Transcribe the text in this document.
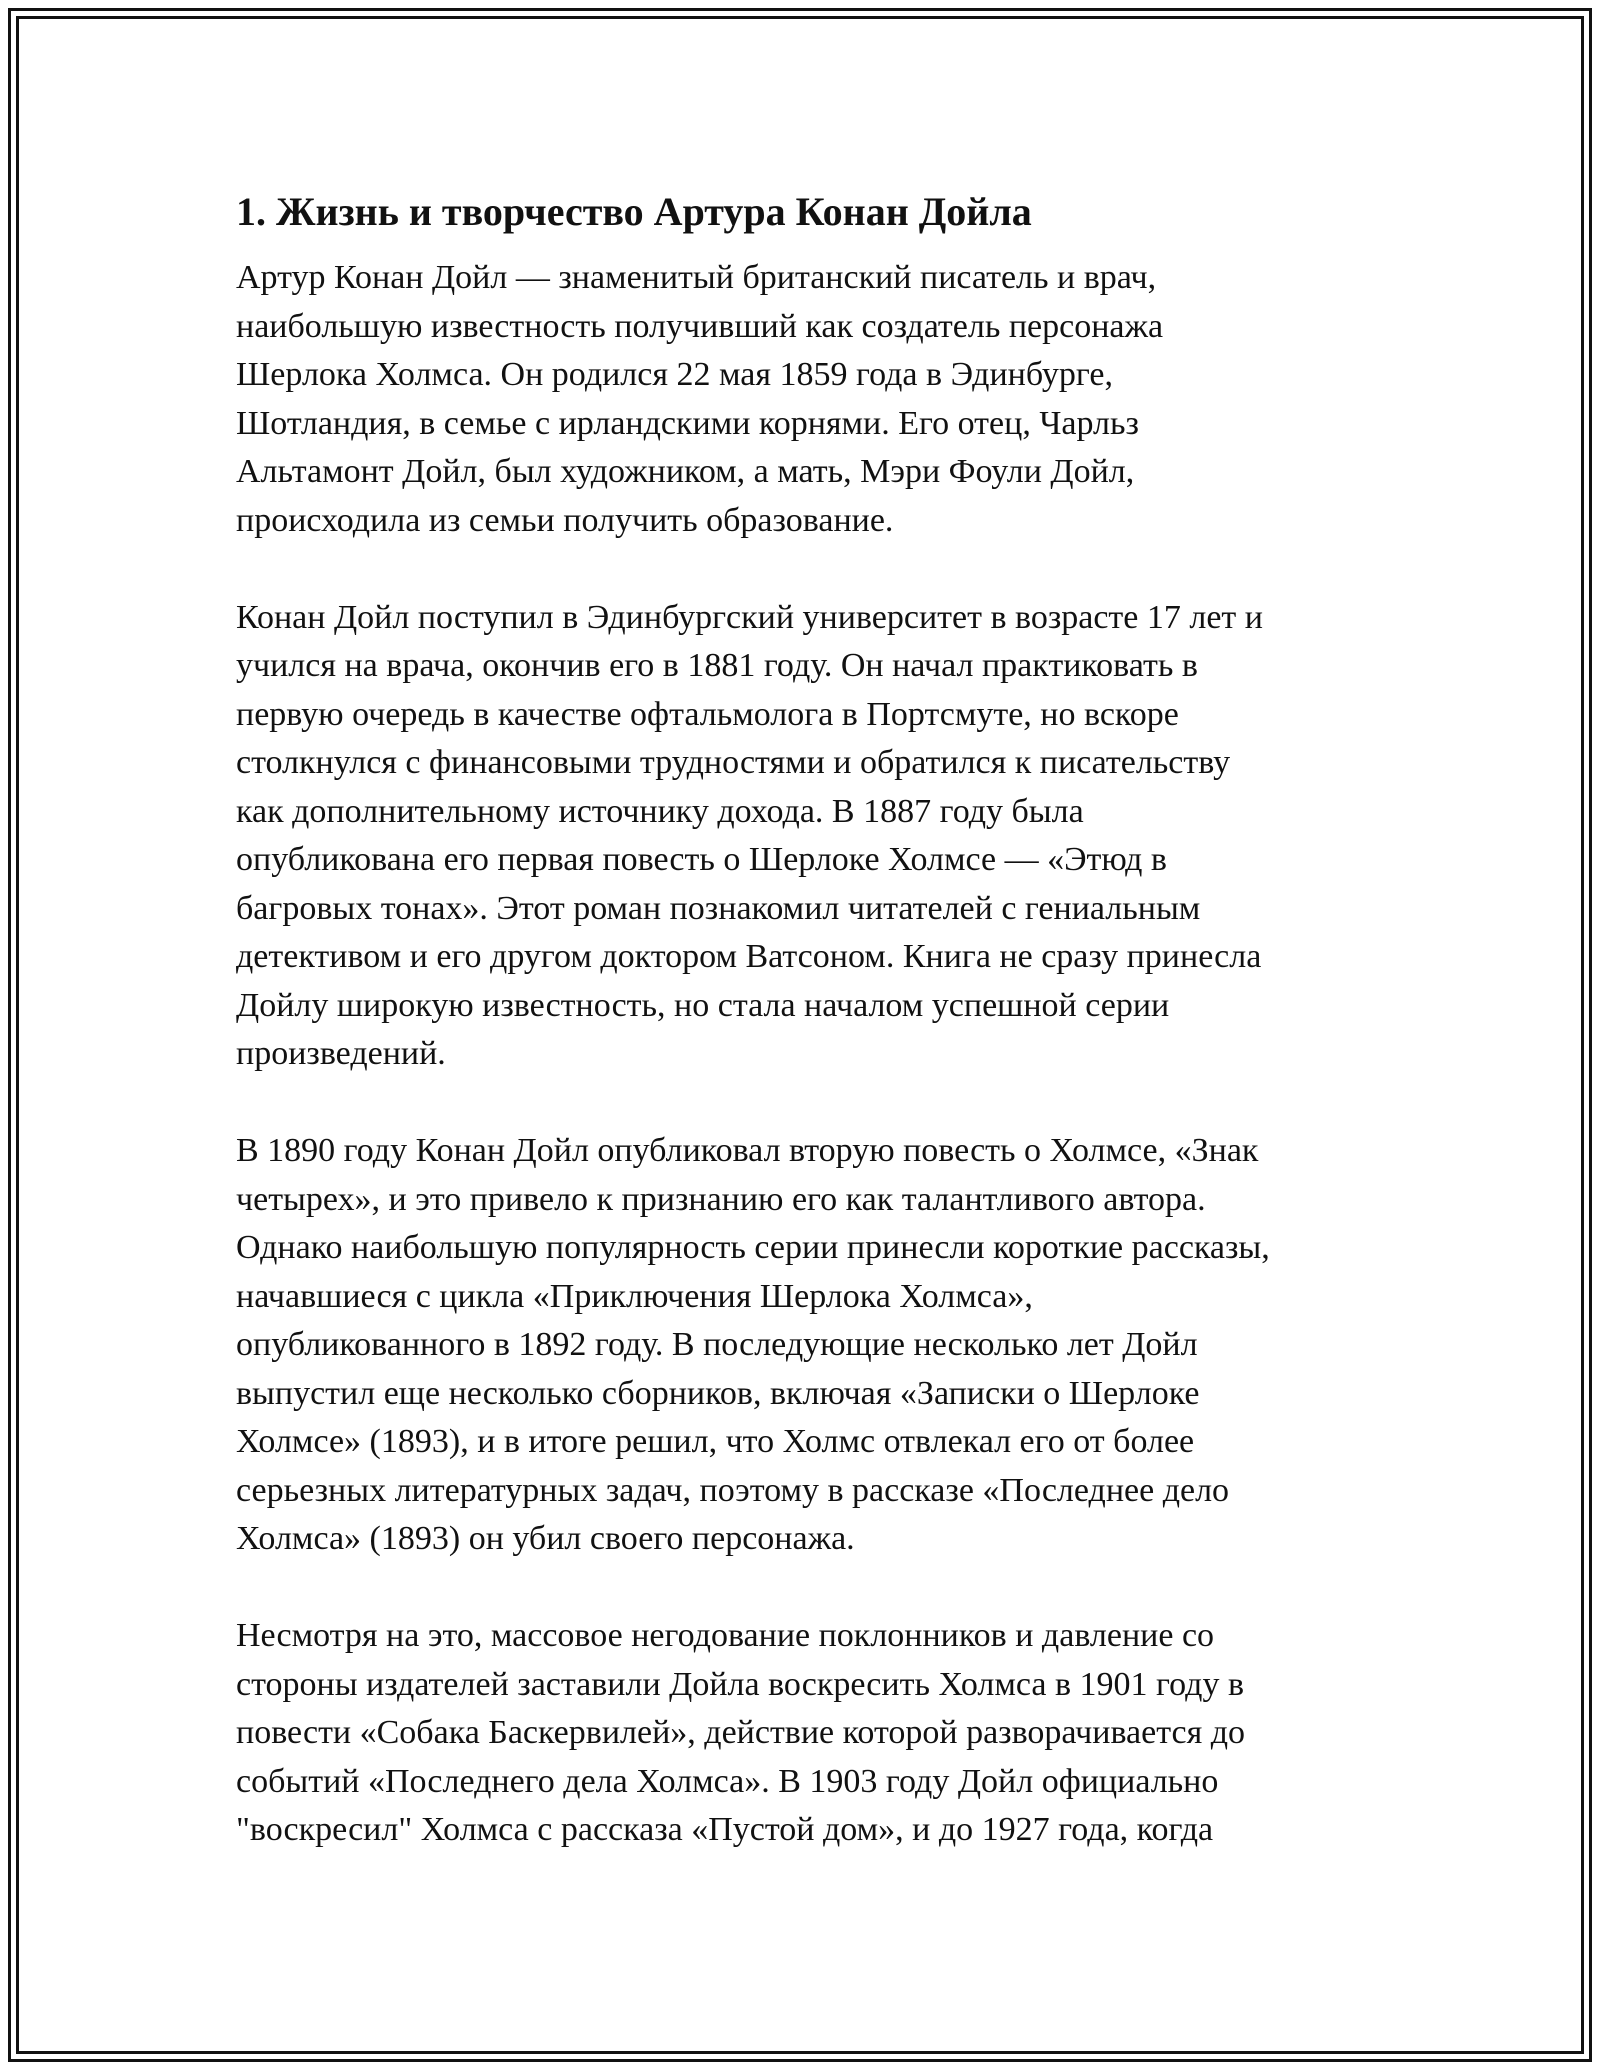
1. Жизнь и творчество Артура Конан Дойла
Артур Конан Дойл — знаменитый британский писатель и врач,
наибольшую известность получивший как создатель персонажа
Шерлока Холмса. Он родился 22 мая 1859 года в Эдинбурге,
Шотландия, в семье с ирландскими корнями. Его отец, Чарльз
Альтамонт Дойл, был художником, а мать, Мэри Фоули Дойл,
происходила из семьи получить образование.
Конан Дойл поступил в Эдинбургский университет в возрасте 17 лет и
учился на врача, окончив его в 1881 году. Он начал практиковать в
первую очередь в качестве офтальмолога в Портсмуте, но вскоре
столкнулся с финансовыми трудностями и обратился к писательству
как дополнительному источнику дохода. В 1887 году была
опубликована его первая повесть о Шерлоке Холмсе — «Этюд в
багровых тонах». Этот роман познакомил читателей с гениальным
детективом и его другом доктором Ватсоном. Книга не сразу принесла
Дойлу широкую известность, но стала началом успешной серии
произведений.
В 1890 году Конан Дойл опубликовал вторую повесть о Холмсе, «Знак
четырех», и это привело к признанию его как талантливого автора.
Однако наибольшую популярность серии принесли короткие рассказы,
начавшиеся с цикла «Приключения Шерлока Холмса»,
опубликованного в 1892 году. В последующие несколько лет Дойл
выпустил еще несколько сборников, включая «Записки о Шерлоке
Холмсе» (1893), и в итоге решил, что Холмс отвлекал его от более
серьезных литературных задач, поэтому в рассказе «Последнее дело
Холмса» (1893) он убил своего персонажа.
Несмотря на это, массовое негодование поклонников и давление со
стороны издателей заставили Дойла воскресить Холмса в 1901 году в
повести «Собака Баскервилей», действие которой разворачивается до
событий «Последнего дела Холмса». В 1903 году Дойл официально
"воскресил" Холмса с рассказа «Пустой дом», и до 1927 года, когда
